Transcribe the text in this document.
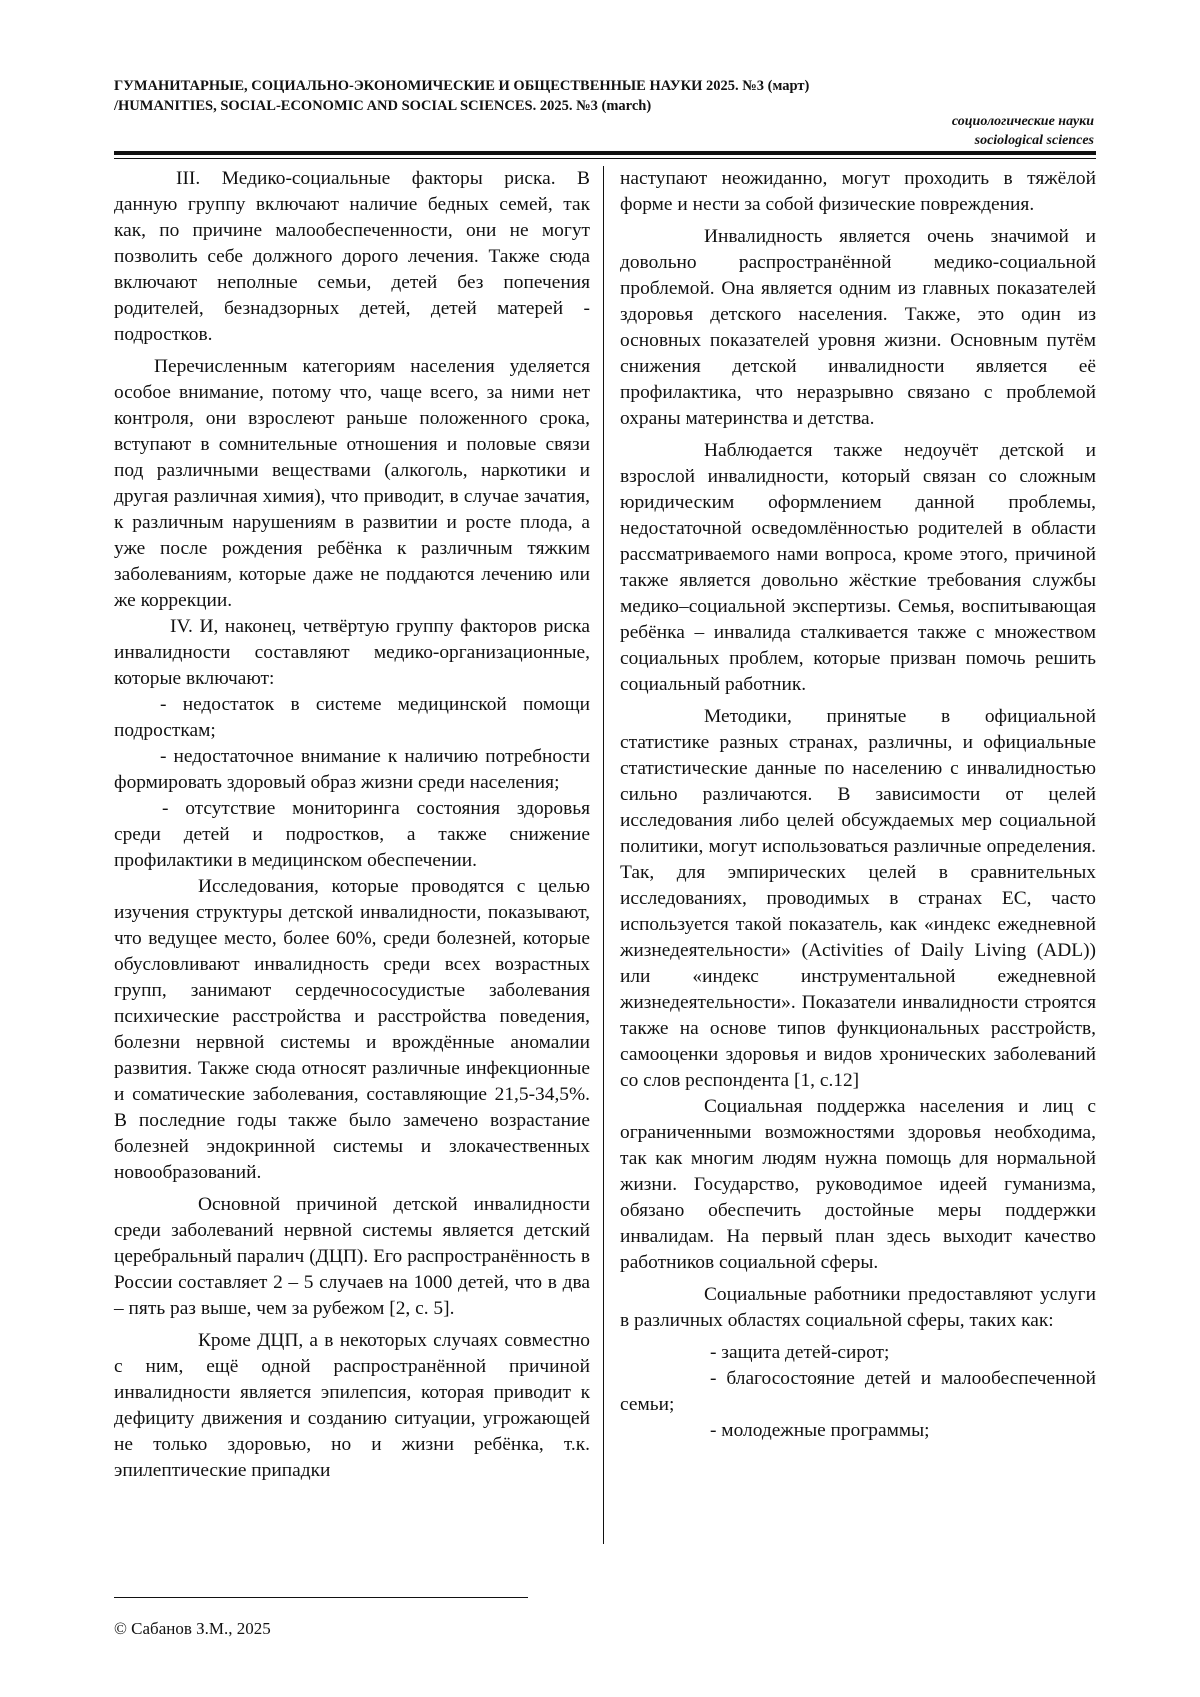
ГУМАНИТАРНЫЕ, СОЦИАЛЬНО-ЭКОНОМИЧЕСКИЕ И ОБЩЕСТВЕННЫЕ НАУКИ 2025. №3 (март)
/HUMANITIES, SOCIAL-ECONOMIC AND SOCIAL SCIENCES. 2025. №3 (march)
социологические науки
sociological sciences

III. Медико-социальные факторы риска. В данную группу включают наличие бедных семей, так как, по причине малообеспеченности, они не могут позволить себе должного дорого лечения. Также сюда включают неполные семьи, детей без попечения родителей, безнадзорных детей, детей матерей - подростков.

Перечисленным категориям населения уделяется особое внимание, потому что, чаще всего, за ними нет контроля, они взрослеют раньше положенного срока, вступают в сомнительные отношения и половые связи под различными веществами (алкоголь, наркотики и другая различная химия), что приводит, в случае зачатия, к различным нарушениям в развитии и росте плода, а уже после рождения ребёнка к различным тяжким заболеваниям, которые даже не поддаются лечению или же коррекции.

IV. И, наконец, четвёртую группу факторов риска инвалидности составляют медико-организационные, которые включают:

- недостаток в системе медицинской помощи подросткам;

- недостаточное внимание к наличию потребности формировать здоровый образ жизни среди населения;

- отсутствие мониторинга состояния здоровья среди детей и подростков, а также снижение профилактики в медицинском обеспечении.

Исследования, которые проводятся с целью изучения структуры детской инвалидности, показывают, что ведущее место, более 60%, среди болезней, которые обусловливают инвалидность среди всех возрастных групп, занимают сердечнососудистые заболевания психические расстройства и расстройства поведения, болезни нервной системы и врождённые аномалии развития. Также сюда относят различные инфекционные и соматические заболевания, составляющие 21,5-34,5%. В последние годы также было замечено возрастание болезней эндокринной системы и злокачественных новообразований.

Основной причиной детской инвалидности среди заболеваний нервной системы является детский церебральный паралич (ДЦП). Его распространённость в России составляет 2 – 5 случаев на 1000 детей, что в два – пять раз выше, чем за рубежом [2, с. 5].

Кроме ДЦП, а в некоторых случаях совместно с ним, ещё одной распространённой причиной инвалидности является эпилепсия, которая приводит к дефициту движения и созданию ситуации, угрожающей не только здоровью, но и жизни ребёнка, т.к. эпилептические припадки

наступают неожиданно, могут проходить в тяжёлой форме и нести за собой физические повреждения.

Инвалидность является очень значимой и довольно распространённой медико-социальной проблемой. Она является одним из главных показателей здоровья детского населения. Также, это один из основных показателей уровня жизни. Основным путём снижения детской инвалидности является её профилактика, что неразрывно связано с проблемой охраны материнства и детства.

Наблюдается также недоучёт детской и взрослой инвалидности, который связан со сложным юридическим оформлением данной проблемы, недостаточной осведомлённостью родителей в области рассматриваемого нами вопроса, кроме этого, причиной также является довольно жёсткие требования службы медико–социальной экспертизы. Семья, воспитывающая ребёнка – инвалида сталкивается также с множеством социальных проблем, которые призван помочь решить социальный работник.

Методики, принятые в официальной статистике разных странах, различны, и официальные статистические данные по населению с инвалидностью сильно различаются. В зависимости от целей исследования либо целей обсуждаемых мер социальной политики, могут использоваться различные определения. Так, для эмпирических целей в сравнительных исследованиях, проводимых в странах ЕС, часто используется такой показатель, как «индекс ежедневной жизнедеятельности» (Activities of Daily Living (ADL)) или «индекс инструментальной ежедневной жизнедеятельности». Показатели инвалидности строятся также на основе типов функциональных расстройств, самооценки здоровья и видов хронических заболеваний со слов респондента [1, с.12]

Социальная поддержка населения и лиц с ограниченными возможностями здоровья необходима, так как многим людям нужна помощь для нормальной жизни. Государство, руководимое идеей гуманизма, обязано обеспечить достойные меры поддержки инвалидам. На первый план здесь выходит качество работников социальной сферы.

Социальные работники предоставляют услуги в различных областях социальной сферы, таких как:

- защита детей-сирот;

- благосостояние детей и малообеспеченной семьи;

- молодежные программы;

© Сабанов З.М., 2025
